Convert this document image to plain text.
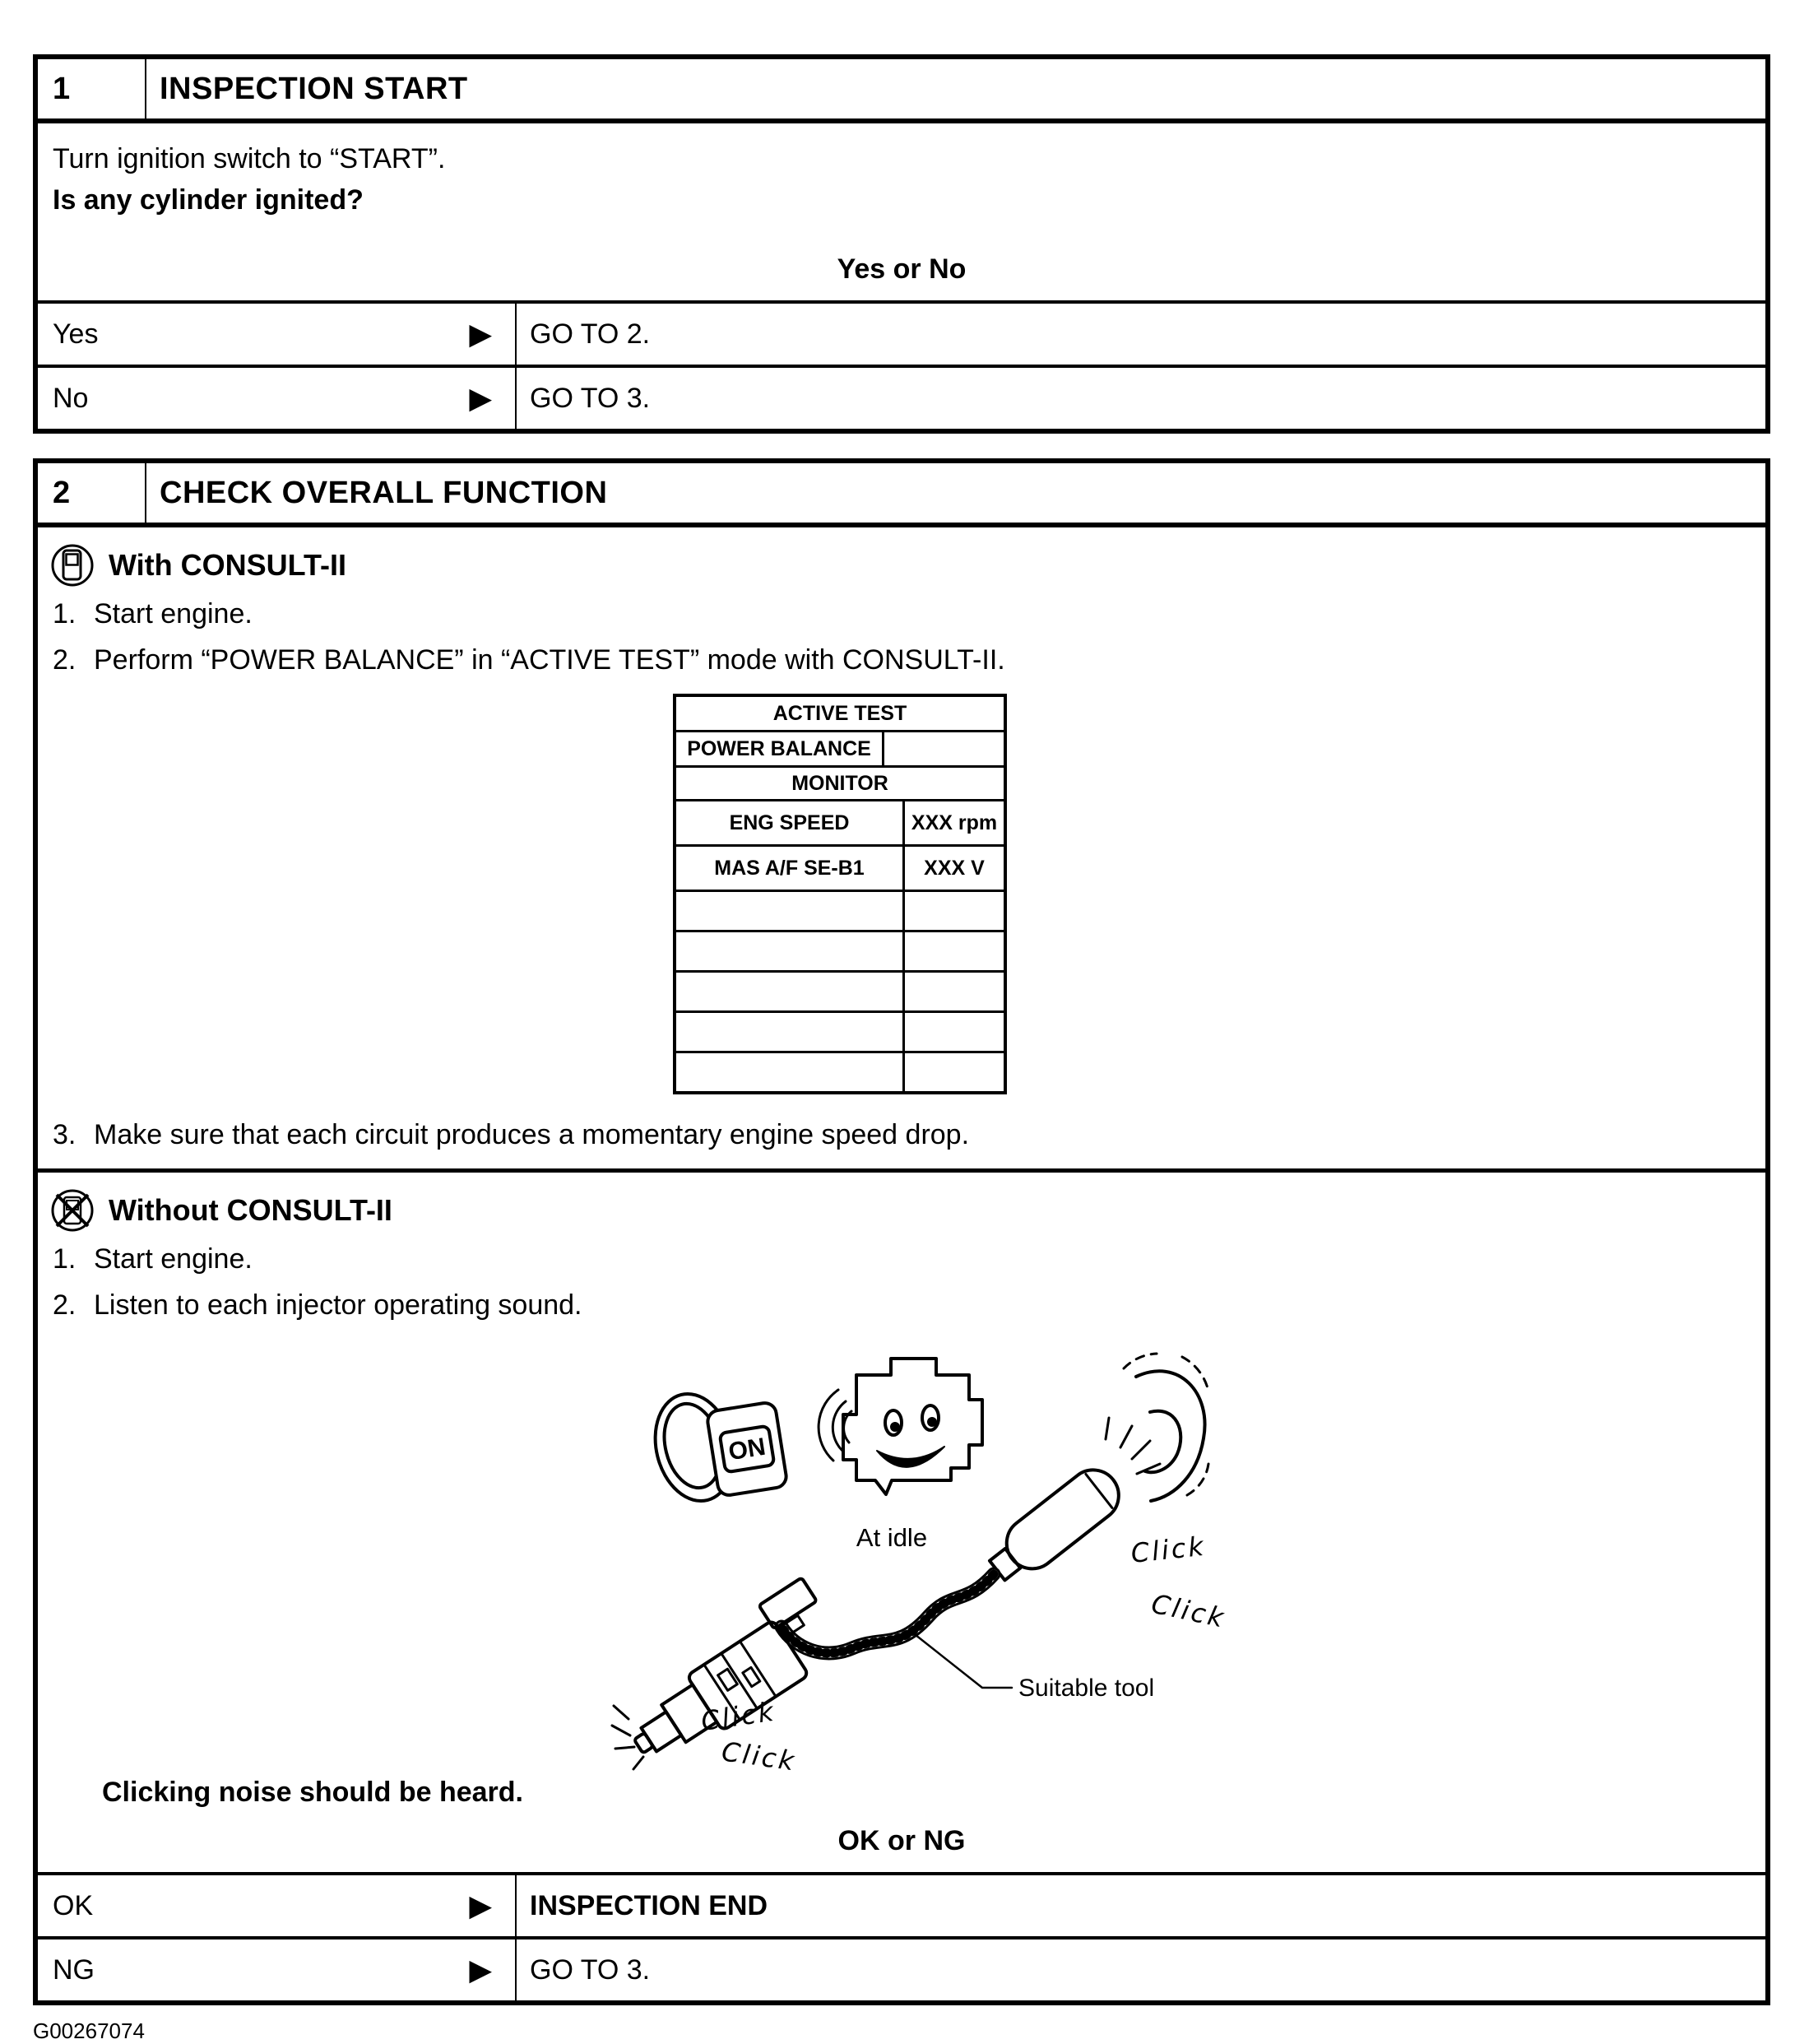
1	INSPECTION START
Turn ignition switch to “START”.
Is any cylinder ignited?
Yes or No
Yes	▶	GO TO 2.
No	▶	GO TO 3.
2	CHECK OVERALL FUNCTION
With CONSULT-II
1. Start engine.
2. Perform “POWER BALANCE” in “ACTIVE TEST” mode with CONSULT-II.
ACTIVE TEST
POWER BALANCE
MONITOR
ENG SPEED	XXX rpm
MAS A/F SE-B1	XXX V
3. Make sure that each circuit produces a momentary engine speed drop.
Without CONSULT-II
1. Start engine.
2. Listen to each injector operating sound.
At idle
ON
Click
Click
Click
Click
Suitable tool
Clicking noise should be heard.
OK or NG
OK	▶	INSPECTION END
NG	▶	GO TO 3.
G00267074
